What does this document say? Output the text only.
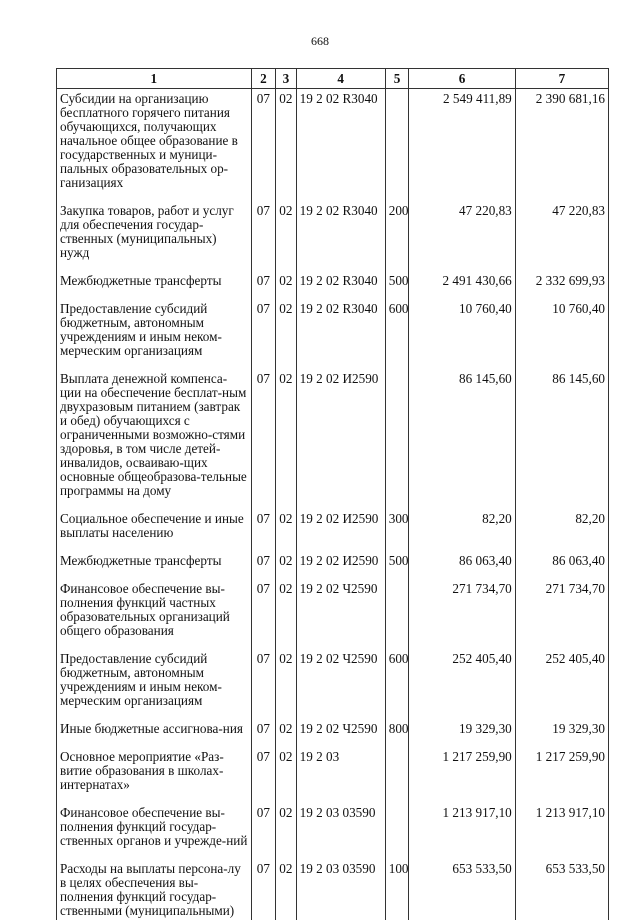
668
1	2	3	4	5	6	7
Субсидии на организацию бесплатного горячего питания обучающихся, получающих начальное общее образование в государственных и муници-пальных образовательных ор-ганизациях	07	02	19 2 02 R3040		2 549 411,89	2 390 681,16
Закупка товаров, работ и услуг для обеспечения государ-ственных (муниципальных) нужд	07	02	19 2 02 R3040	200	47 220,83	47 220,83
Межбюджетные трансферты	07	02	19 2 02 R3040	500	2 491 430,66	2 332 699,93
Предоставление субсидий бюджетным, автономным учреждениям и иным неком-мерческим организациям	07	02	19 2 02 R3040	600	10 760,40	10 760,40
Выплата денежной компенса-ции на обеспечение бесплат-ным двухразовым питанием (завтрак и обед) обучающихся с ограниченными возможно-стями здоровья, в том числе детей-инвалидов, осваиваю-щих основные общеобразова-тельные программы на дому	07	02	19 2 02 И2590		86 145,60	86 145,60
Социальное обеспечение и иные выплаты населению	07	02	19 2 02 И2590	300	82,20	82,20
Межбюджетные трансферты	07	02	19 2 02 И2590	500	86 063,40	86 063,40
Финансовое обеспечение вы-полнения функций частных образовательных организаций общего образования	07	02	19 2 02 Ч2590		271 734,70	271 734,70
Предоставление субсидий бюджетным, автономным учреждениям и иным неком-мерческим организациям	07	02	19 2 02 Ч2590	600	252 405,40	252 405,40
Иные бюджетные ассигнова-ния	07	02	19 2 02 Ч2590	800	19 329,30	19 329,30
Основное мероприятие «Раз-витие образования в школах-интернатах»	07	02	19 2 03		1 217 259,90	1 217 259,90
Финансовое обеспечение вы-полнения функций государ-ственных органов и учрежде-ний	07	02	19 2 03 03590		1 213 917,10	1 213 917,10
Расходы на выплаты персона-лу в целях обеспечения вы-полнения функций государ-ственными (муниципальными)	07	02	19 2 03 03590	100	653 533,50	653 533,50
